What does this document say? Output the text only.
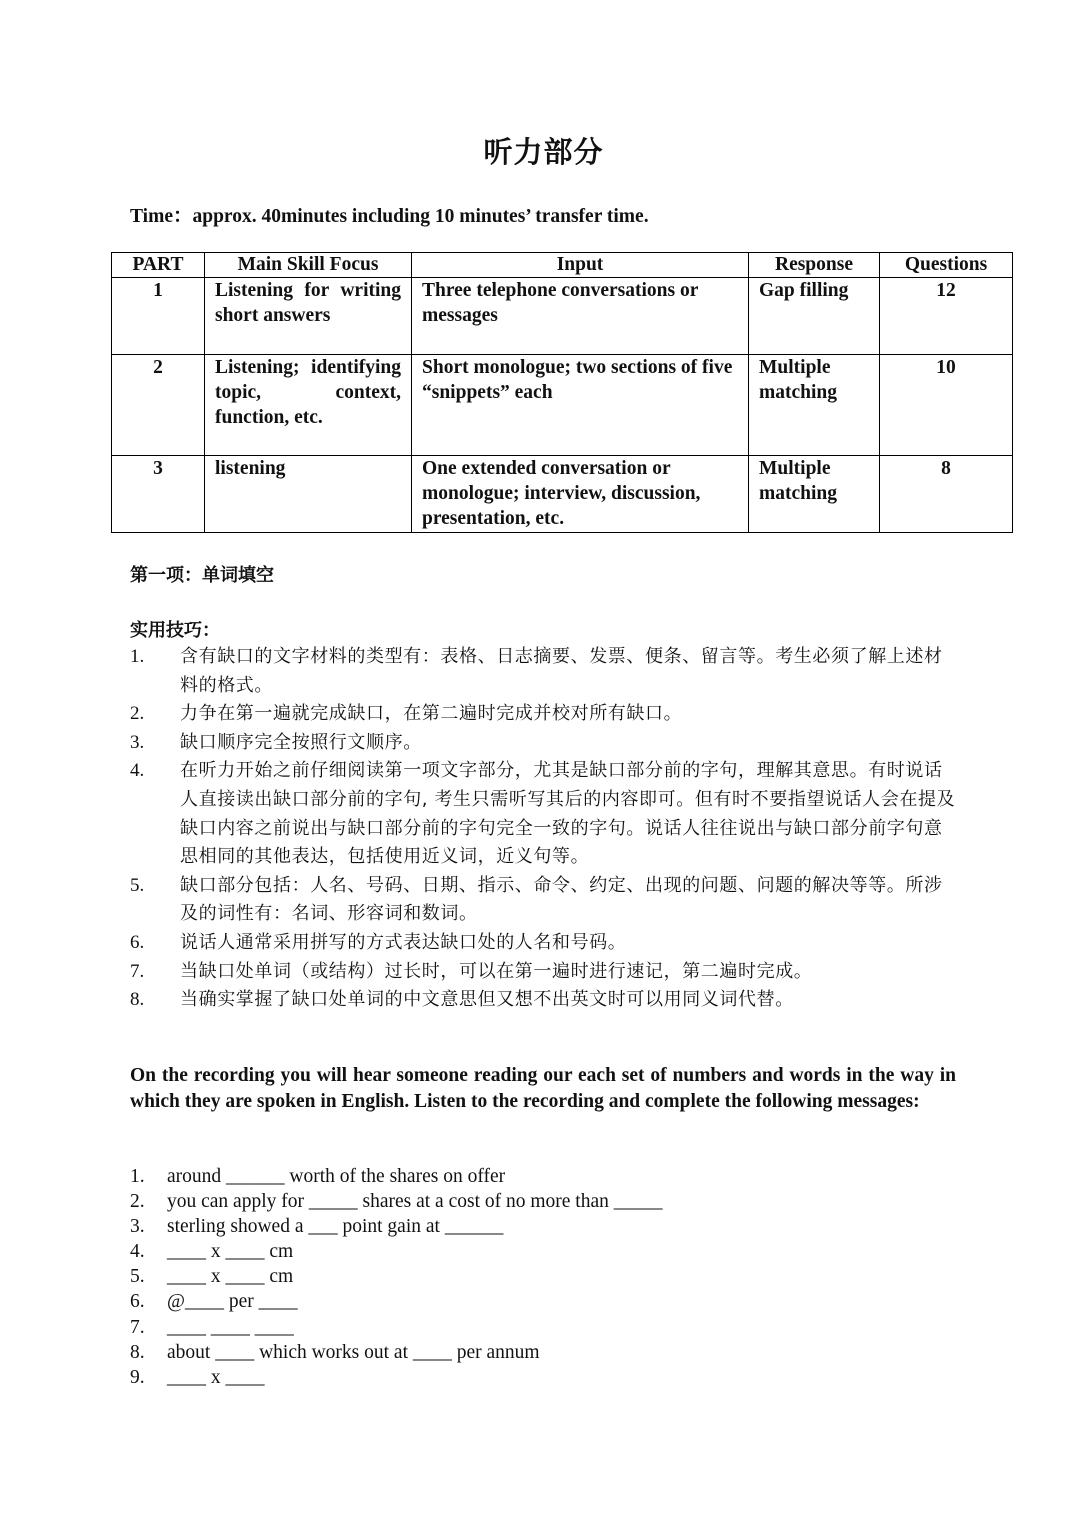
听力部分
Time：approx. 40minutes including 10 minutes’ transfer time.
PART	Main Skill Focus	Input	Response	Questions
1	Listening for writing short answers	Three telephone conversations or messages	Gap filling	12
2	Listening; identifying topic, context, function, etc.	Short monologue; two sections of five “snippets” each	Multiple matching	10
3	listening	One extended conversation or monologue; interview, discussion, presentation, etc.	Multiple matching	8
第一项：单词填空
实用技巧：
1. 含有缺口的文字材料的类型有：表格、日志摘要、发票、便条、留言等。考生必须了解上述材料的格式。
2. 力争在第一遍就完成缺口，在第二遍时完成并校对所有缺口。
3. 缺口顺序完全按照行文顺序。
4. 在听力开始之前仔细阅读第一项文字部分，尤其是缺口部分前的字句，理解其意思。有时说话人直接读出缺口部分前的字句, 考生只需听写其后的内容即可。但有时不要指望说话人会在提及缺口内容之前说出与缺口部分前的字句完全一致的字句。说话人往往说出与缺口部分前字句意思相同的其他表达，包括使用近义词，近义句等。
5. 缺口部分包括：人名、号码、日期、指示、命令、约定、出现的问题、问题的解决等等。所涉及的词性有：名词、形容词和数词。
6. 说话人通常采用拼写的方式表达缺口处的人名和号码。
7. 当缺口处单词（或结构）过长时，可以在第一遍时进行速记，第二遍时完成。
8. 当确实掌握了缺口处单词的中文意思但又想不出英文时可以用同义词代替。
On the recording you will hear someone reading our each set of numbers and words in the way in which they are spoken in English. Listen to the recording and complete the following messages:
1. around ______ worth of the shares on offer
2. you can apply for _____ shares at a cost of no more than _____
3. sterling showed a ___ point gain at ______
4. ____ x ____ cm
5. ____ x ____ cm
6. @____ per ____
7. ____ ____ ____
8. about ____ which works out at ____ per annum
9. ____ x ____
